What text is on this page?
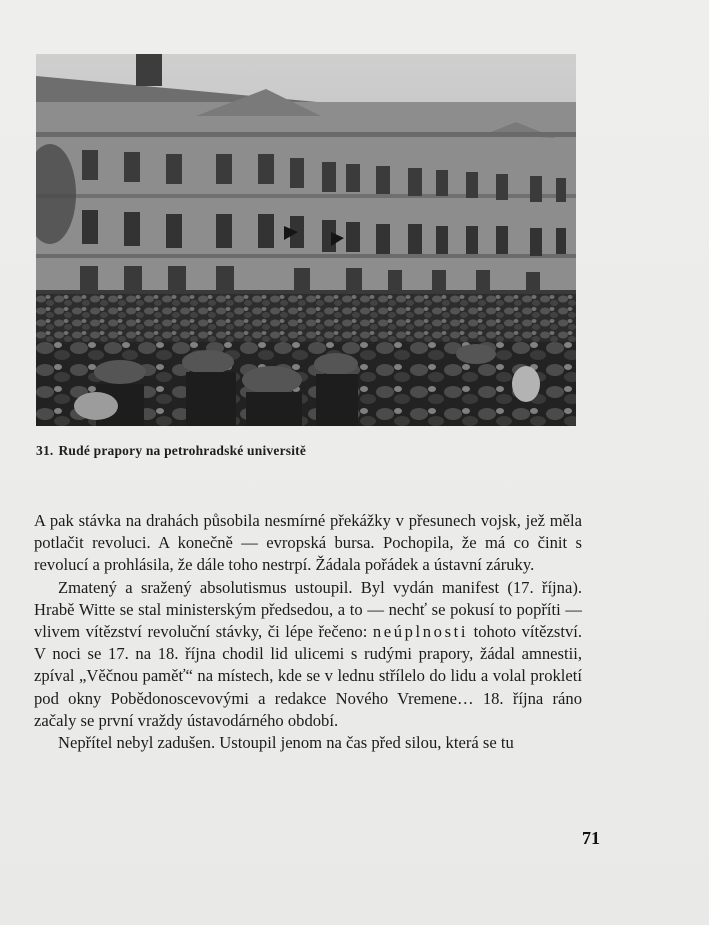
31. Rudé prapory na petrohradské universitě

A pak stávka na drahách působila nesmírné překážky v přesunech vojsk, jež měla potlačit revoluci. A konečně — evropská bursa. Pochopila, že má co činit s revolucí a prohlásila, že dále toho nestrpí. Žádala pořádek a ústavní záruky.

Zmatený a sražený absolutismus ustoupil. Byl vydán manifest (17. října). Hrabě Witte se stal ministerským předsedou, a to — nechť se pokusí to popříti — vlivem vítězství revoluční stávky, či lépe řečeno: neúplnosti tohoto vítězství. V noci se 17. na 18. října chodil lid ulicemi s rudými prapory, žádal amnestii, zpíval „Věčnou paměť“ na místech, kde se v lednu střílelo do lidu a volal prokletí pod okny Pobědonoscevovými a redakce Nového Vremene… 18. října ráno začaly se první vraždy ústavodárného období.

Nepřítel nebyl zadušen. Ustoupil jenom na čas před silou, která se tu

71
